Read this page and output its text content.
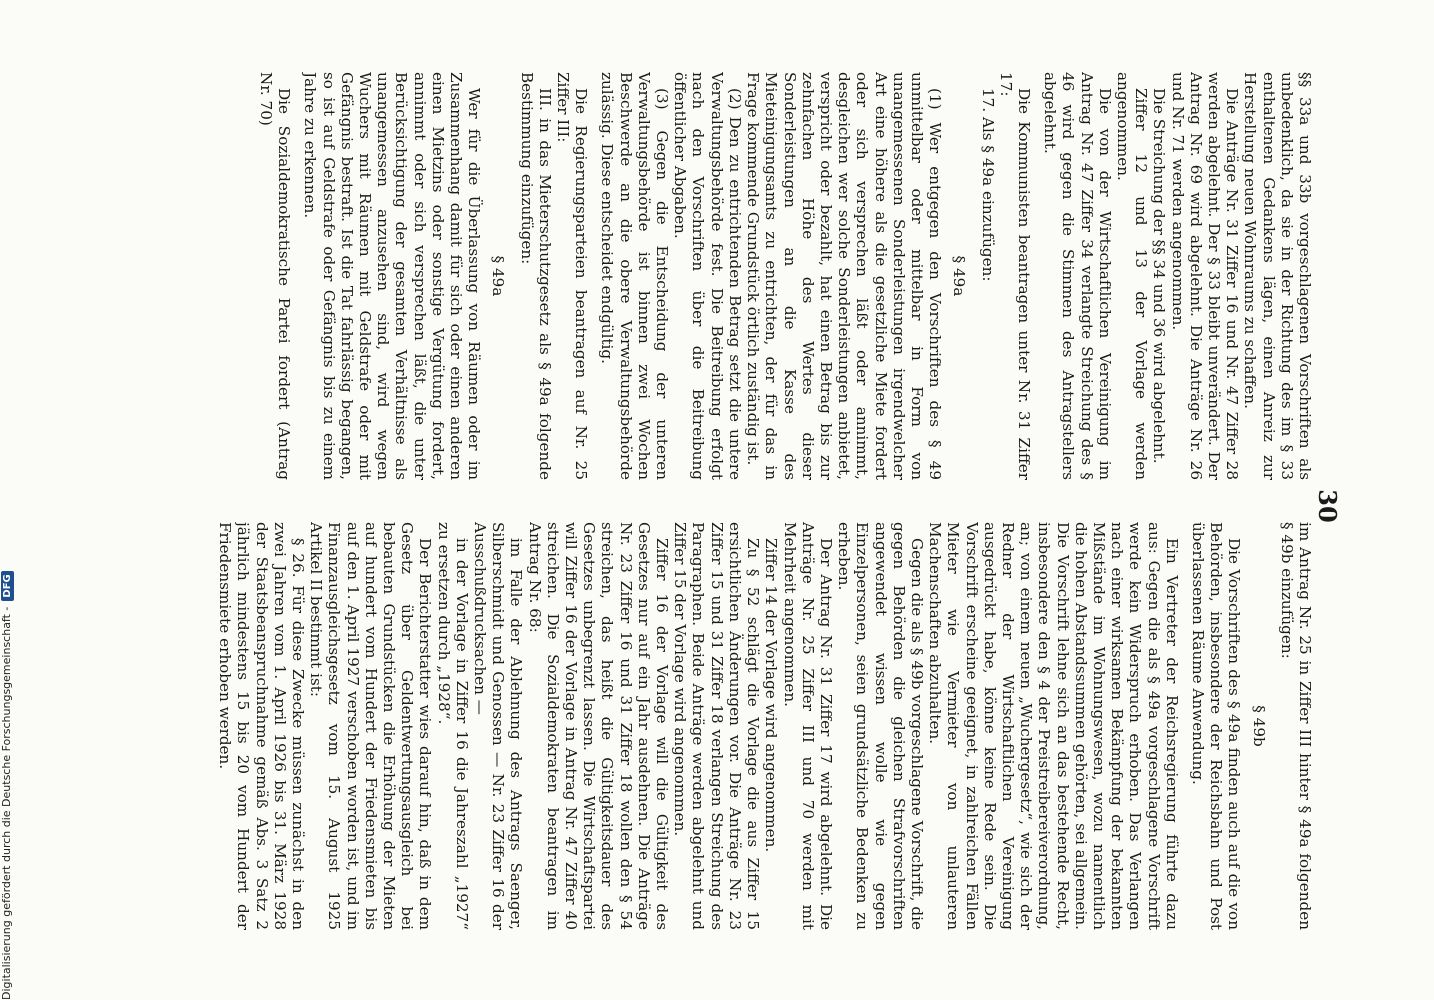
30

§§ 33a und 33b vorgeschlagenen Vorschriften als unbedenklich, da sie in der Richtung des im § 33 enthaltenen Gedankens lägen, einen Anreiz zur Herstellung neuen Wohnraums zu schaffen.

Die Anträge Nr. 31 Ziffer 16 und Nr. 47 Ziffer 28 werden abgelehnt. Der § 33 bleibt unverändert. Der Antrag Nr. 69 wird abgelehnt. Die Anträge Nr. 26 und Nr. 71 werden angenommen.

Die Streichung der §§ 34 und 36 wird abgelehnt.

Ziffer 12 und 13 der Vorlage werden angenommen.

Die von der Wirtschaftlichen Vereinigung im Antrag Nr. 47 Ziffer 34 verlangte Streichung des § 46 wird gegen die Stimmen des Antragstellers abgelehnt.

Die Kommunisten beantragen unter Nr. 31 Ziffer 17:

17. Als § 49a einzufügen:

§ 49a

(1) Wer entgegen den Vorschriften des § 49 unmittelbar oder mittelbar in Form von unangemessenen Sonderleistungen irgendwelcher Art eine höhere als die gesetzliche Miete fordert oder sich versprechen läßt oder annimmt, desgleichen wer solche Sonderleistungen anbietet, verspricht oder bezahlt, hat einen Betrag bis zur zehnfachen Höhe des Wertes dieser Sonderleistungen an die Kasse des Mieteinigungsamts zu entrichten, der für das in Frage kommende Grundstück örtlich zuständig ist.

(2) Den zu entrichtenden Betrag setzt die untere Verwaltungsbehörde fest. Die Beitreibung erfolgt nach den Vorschriften über die Beitreibung öffentlicher Abgaben.

(3) Gegen die Entscheidung der unteren Verwaltungsbehörde ist binnen zwei Wochen Beschwerde an die obere Verwaltungsbehörde zulässig. Diese entscheidet endgültig.

Die Regierungsparteien beantragen auf Nr. 25 Ziffer III:

III. in das Mieterschutzgesetz als § 49a folgende Bestimmung einzufügen:

§ 49a

Wer für die Überlassung von Räumen oder im Zusammenhang damit für sich oder einen anderen einen Mietzins oder sonstige Vergütung fordert, annimmt oder sich versprechen läßt, die unter Berücksichtigung der gesamten Verhältnisse als unangemessen anzusehen sind, wird wegen Wuchers mit Räumen mit Geldstrafe oder mit Gefängnis bestraft. Ist die Tat fahrlässig begangen, so ist auf Geldstrafe oder Gefängnis bis zu einem Jahre zu erkennen.

Die Sozialdemokratische Partei fordert (Antrag Nr. 70)

im Antrag Nr. 25 in Ziffer III hinter § 49a folgenden § 49b einzufügen:

§ 49b

Die Vorschriften des § 49a finden auch auf die von Behörden, insbesondere der Reichsbahn und Post überlassenen Räume Anwendung.

Ein Vertreter der Reichsregierung führte dazu aus: Gegen die als § 49a vorgeschlagene Vorschrift werde kein Widerspruch erhoben. Das Verlangen nach einer wirksamen Bekämpfung der bekannten Mißstände im Wohnungswesen, wozu namentlich die hohen Abstandssummen gehörten, sei allgemein. Die Vorschrift lehne sich an das bestehende Recht, insbesondere den § 4 der Preistreibereiverordnung, an; von einem neuen „Wuchergesetz“, wie sich der Redner der Wirtschaftlichen Vereinigung ausgedrückt habe, könne keine Rede sein. Die Vorschrift erscheine geeignet, in zahlreichen Fällen Mieter wie Vermieter von unlauteren Machenschaften abzuhalten.

Gegen die als § 49b vorgeschlagene Vorschrift, die gegen Behörden die gleichen Strafvorschriften angewendet wissen wolle wie gegen Einzelpersonen, seien grundsätzliche Bedenken zu erheben.

Der Antrag Nr. 31 Ziffer 17 wird abgelehnt. Die Anträge Nr. 25 Ziffer III und 70 werden mit Mehrheit angenommen.

Ziffer 14 der Vorlage wird angenommen.

Zu § 52 schlägt die Vorlage die aus Ziffer 15 ersichtlichen Änderungen vor. Die Anträge Nr. 23 Ziffer 15 und 31 Ziffer 18 verlangen Streichung des Paragraphen. Beide Anträge werden abgelehnt und Ziffer 15 der Vorlage wird angenommen.

Ziffer 16 der Vorlage will die Gültigkeit des Gesetzes nur auf ein Jahr ausdehnen. Die Anträge Nr. 23 Ziffer 16 und 31 Ziffer 18 wollen den § 54 streichen, das heißt die Gültigkeitsdauer des Gesetzes unbegrenzt lassen. Die Wirtschaftspartei will Ziffer 16 der Vorlage in Antrag Nr. 47 Ziffer 40 streichen. Die Sozialdemokraten beantragen im Antrag Nr. 68:

im Falle der Ablehnung des Antrags Saenger, Silberschmidt und Genossen — Nr. 23 Ziffer 16 der Ausschußdrucksachen —

in der Vorlage in Ziffer 16 die Jahreszahl „1927“ zu ersetzen durch „1928“.

Der Berichterstatter wies darauf hin, daß in dem Gesetz über Geldentwertungsausgleich bei bebauten Grundstücken die Erhöhung der Mieten auf hundert vom Hundert der Friedensmieten bis auf den 1. April 1927 verschoben worden ist, und im Finanzausgleichsgesetz vom 15. August 1925 Artikel II bestimmt ist:

§ 26. Für diese Zwecke müssen zunächst in den zwei Jahren vom 1. April 1926 bis 31. März 1928 der Staatsbeanspruchnahme gemäß Abs. 3 Satz 2 jährlich mindestens 15 bis 20 vom Hundert der Friedensmiete erhoben werden.

Digitalisierung gefördert durch die Deutsche Forschungsgemeinschaft -DFG
